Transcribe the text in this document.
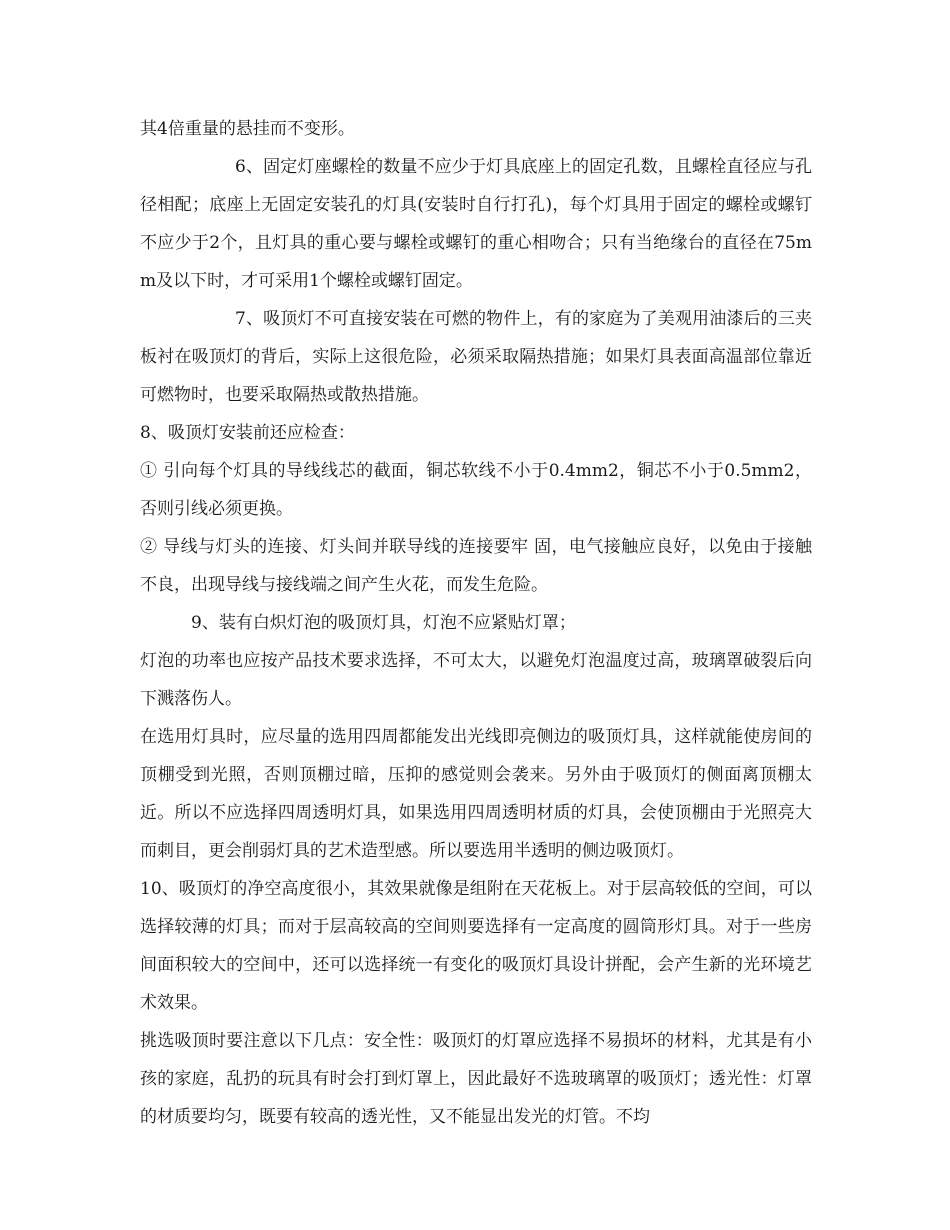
其4倍重量的悬挂而不变形。

6、固定灯座螺栓的数量不应少于灯具底座上的固定孔数，且螺栓直径应与孔径相配；底座上无固定安装孔的灯具(安装时自行打孔)，每个灯具用于固定的螺栓或螺钉不应少于2个，且灯具的重心要与螺栓或螺钉的重心相吻合；只有当绝缘台的直径在75mm及以下时，才可采用1个螺栓或螺钉固定。

7、吸顶灯不可直接安装在可燃的物件上，有的家庭为了美观用油漆后的三夹板衬在吸顶灯的背后，实际上这很危险，必须采取隔热措施；如果灯具表面高温部位靠近可燃物时，也要采取隔热或散热措施。

8、吸顶灯安装前还应检查：

① 引向每个灯具的导线线芯的截面，铜芯软线不小于0.4mm2，铜芯不小于0.5mm2，否则引线必须更换。

② 导线与灯头的连接、灯头间并联导线的连接要牢 固，电气接触应良好，以免由于接触不良，出现导线与接线端之间产生火花，而发生危险。

9、装有白炽灯泡的吸顶灯具，灯泡不应紧贴灯罩；

灯泡的功率也应按产品技术要求选择，不可太大，以避免灯泡温度过高，玻璃罩破裂后向下溅落伤人。

在选用灯具时，应尽量的选用四周都能发出光线即亮侧边的吸顶灯具，这样就能使房间的顶棚受到光照，否则顶棚过暗，压抑的感觉则会袭来。另外由于吸顶灯的侧面离顶棚太近。所以不应选择四周透明灯具，如果选用四周透明材质的灯具，会使顶棚由于光照亮大而刺目，更会削弱灯具的艺术造型感。所以要选用半透明的侧边吸顶灯。

10、吸顶灯的净空高度很小，其效果就像是组附在天花板上。对于层高较低的空间，可以选择较薄的灯具；而对于层高较高的空间则要选择有一定高度的圆筒形灯具。对于一些房间面积较大的空间中，还可以选择统一有变化的吸顶灯具设计拼配，会产生新的光环境艺术效果。

挑选吸顶时要注意以下几点：安全性：吸顶灯的灯罩应选择不易损坏的材料，尤其是有小孩的家庭，乱扔的玩具有时会打到灯罩上，因此最好不选玻璃罩的吸顶灯；透光性：灯罩的材质要均匀，既要有较高的透光性，又不能显出发光的灯管。不均
